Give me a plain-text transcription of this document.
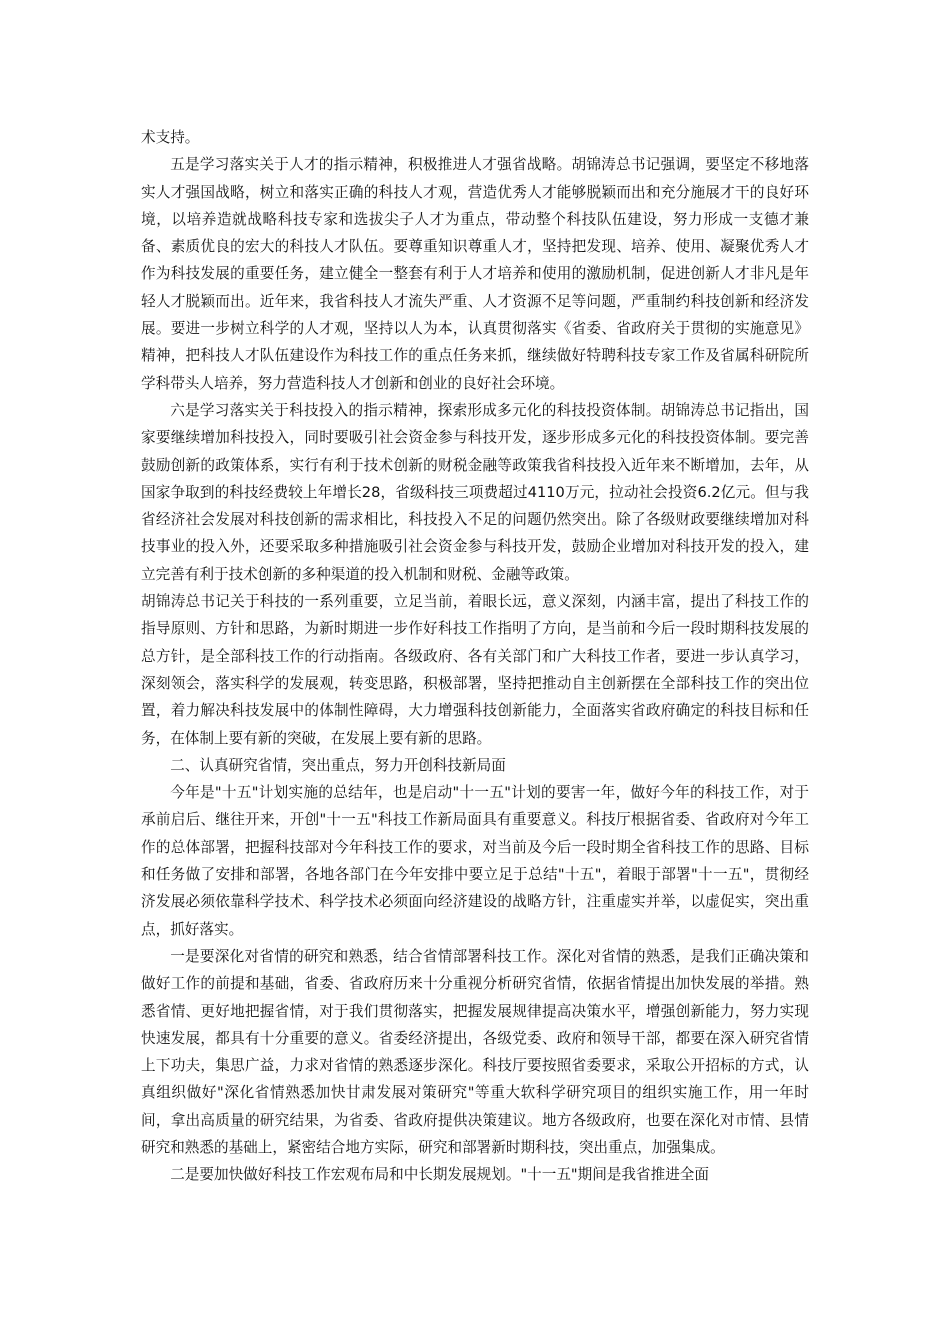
术支持。

五是学习落实关于人才的指示精神，积极推进人才强省战略。胡锦涛总书记强调，要坚定不移地落实人才强国战略，树立和落实正确的科技人才观，营造优秀人才能够脱颖而出和充分施展才干的良好环境，以培养造就战略科技专家和选拔尖子人才为重点，带动整个科技队伍建设，努力形成一支德才兼备、素质优良的宏大的科技人才队伍。要尊重知识尊重人才，坚持把发现、培养、使用、凝聚优秀人才作为科技发展的重要任务，建立健全一整套有利于人才培养和使用的激励机制，促进创新人才非凡是年轻人才脱颖而出。近年来，我省科技人才流失严重、人才资源不足等问题，严重制约科技创新和经济发展。要进一步树立科学的人才观，坚持以人为本，认真贯彻落实《省委、省政府关于贯彻的实施意见》精神，把科技人才队伍建设作为科技工作的重点任务来抓，继续做好特聘科技专家工作及省属科研院所学科带头人培养，努力营造科技人才创新和创业的良好社会环境。

六是学习落实关于科技投入的指示精神，探索形成多元化的科技投资体制。胡锦涛总书记指出，国家要继续增加科技投入，同时要吸引社会资金参与科技开发，逐步形成多元化的科技投资体制。要完善鼓励创新的政策体系，实行有利于技术创新的财税金融等政策我省科技投入近年来不断增加，去年，从国家争取到的科技经费较上年增长28，省级科技三项费超过4110万元，拉动社会投资6.2亿元。但与我省经济社会发展对科技创新的需求相比，科技投入不足的问题仍然突出。除了各级财政要继续增加对科技事业的投入外，还要采取多种措施吸引社会资金参与科技开发，鼓励企业增加对科技开发的投入，建立完善有利于技术创新的多种渠道的投入机制和财税、金融等政策。

胡锦涛总书记关于科技的一系列重要，立足当前，着眼长远，意义深刻，内涵丰富，提出了科技工作的指导原则、方针和思路，为新时期进一步作好科技工作指明了方向，是当前和今后一段时期科技发展的总方针，是全部科技工作的行动指南。各级政府、各有关部门和广大科技工作者，要进一步认真学习，深刻领会，落实科学的发展观，转变思路，积极部署，坚持把推动自主创新摆在全部科技工作的突出位置，着力解决科技发展中的体制性障碍，大力增强科技创新能力，全面落实省政府确定的科技目标和任务，在体制上要有新的突破，在发展上要有新的思路。

二、认真研究省情，突出重点，努力开创科技新局面

今年是"十五"计划实施的总结年，也是启动"十一五"计划的要害一年，做好今年的科技工作，对于承前启后、继往开来，开创"十一五"科技工作新局面具有重要意义。科技厅根据省委、省政府对今年工作的总体部署，把握科技部对今年科技工作的要求，对当前及今后一段时期全省科技工作的思路、目标和任务做了安排和部署，各地各部门在今年安排中要立足于总结"十五"，着眼于部署"十一五"，贯彻经济发展必须依靠科学技术、科学技术必须面向经济建设的战略方针，注重虚实并举，以虚促实，突出重点，抓好落实。

一是要深化对省情的研究和熟悉，结合省情部署科技工作。深化对省情的熟悉，是我们正确决策和做好工作的前提和基础，省委、省政府历来十分重视分析研究省情，依据省情提出加快发展的举措。熟悉省情、更好地把握省情，对于我们贯彻落实，把握发展规律提高决策水平，增强创新能力，努力实现快速发展，都具有十分重要的意义。省委经济提出，各级党委、政府和领导干部，都要在深入研究省情上下功夫，集思广益，力求对省情的熟悉逐步深化。科技厅要按照省委要求，采取公开招标的方式，认真组织做好"深化省情熟悉加快甘肃发展对策研究"等重大软科学研究项目的组织实施工作，用一年时间，拿出高质量的研究结果，为省委、省政府提供决策建议。地方各级政府，也要在深化对市情、县情研究和熟悉的基础上，紧密结合地方实际，研究和部署新时期科技，突出重点，加强集成。

二是要加快做好科技工作宏观布局和中长期发展规划。"十一五"期间是我省推进全面
